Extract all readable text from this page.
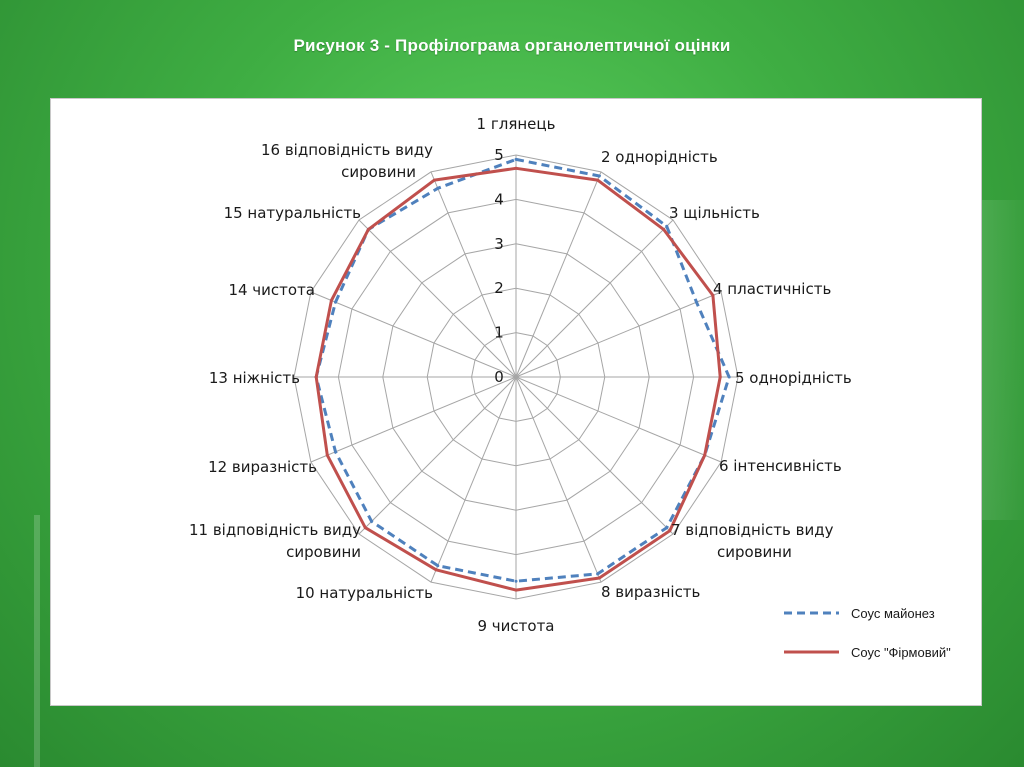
Рисунок 3 - Профілограма органолептичної оцінки
0
1
2
3
4
5
1 глянець
2 однорідність
3 щільність
4 пластичність
5 однорідність
6 інтенсивність
7 відповідність виду сировини
8 виразність
9 чистота
10 натуральність
11 відповідність виду сировини
12 виразність
13 ніжність
14 чистота
15 натуральність
16 відповідність виду сировини
Соус майонез
Соус "Фірмовий"
